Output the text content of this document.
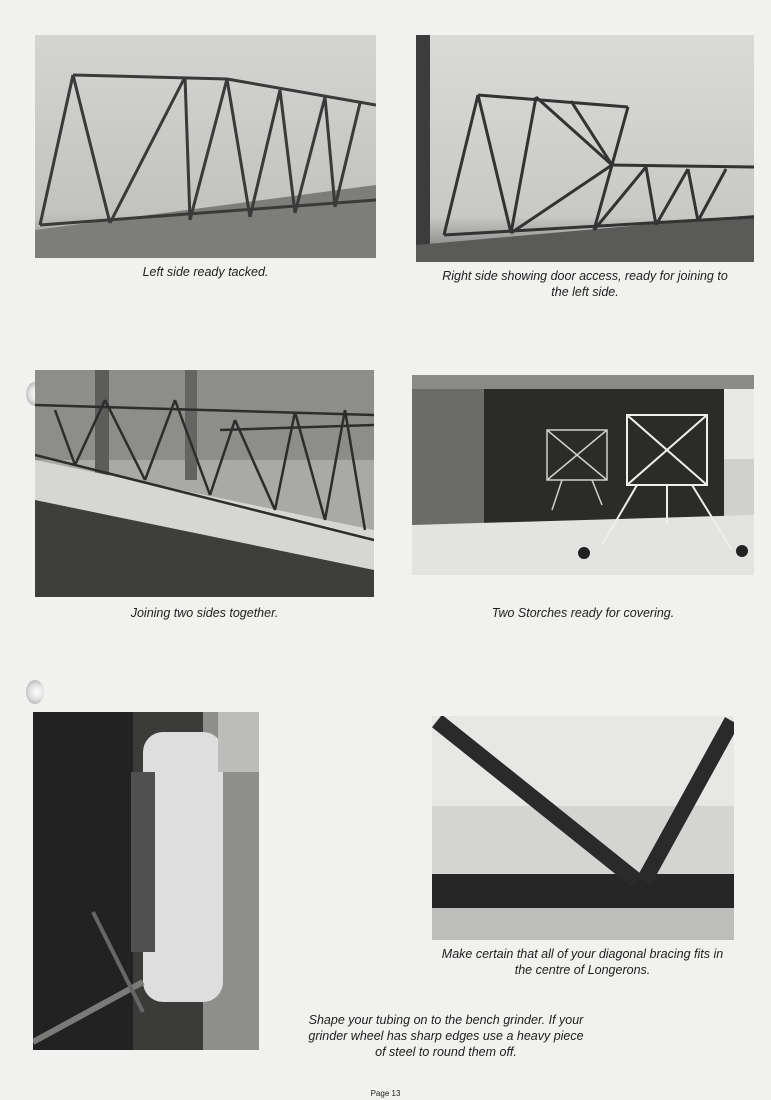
Left side ready tacked.	Right side showing door access, ready for joining to
the left side.
Joining two sides together.	Two Storches ready for covering.
Make certain that all of your diagonal bracing fits in
the centre of Longerons.
Shape your tubing on to the bench grinder. If your
grinder wheel has sharp edges use a heavy piece
of steel to round them off.
Page 13
